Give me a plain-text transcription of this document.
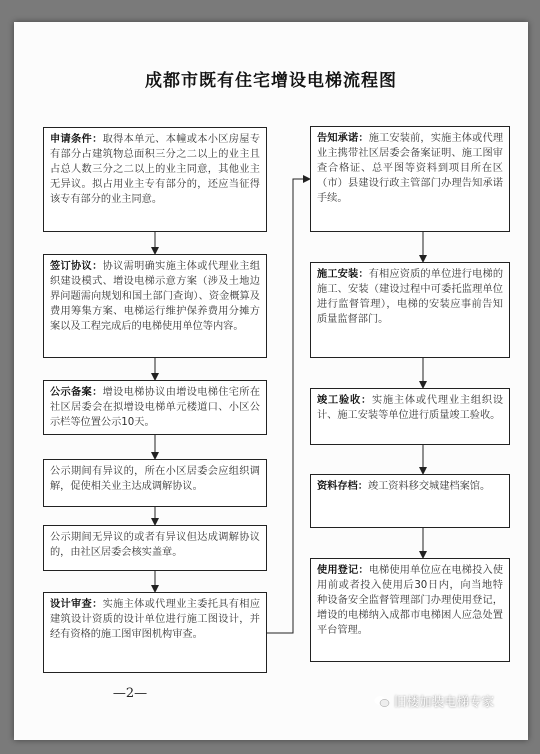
成都市既有住宅增设电梯流程图
申请条件：取得本单元、本幢或本小区房屋专有部分占建筑物总面积三分之二以上的业主且占总人数三分之二以上的业主同意，其他业主无异议。拟占用业主专有部分的，还应当征得该专有部分的业主同意。
签订协议：协议需明确实施主体或代理业主组织建设模式、增设电梯示意方案（涉及土地边界问题需向规划和国土部门查询）、资金概算及费用筹集方案、电梯运行维护保养费用分摊方案以及工程完成后的电梯使用单位等内容。
公示备案：增设电梯协议由增设电梯住宅所在社区居委会在拟增设电梯单元楼道口、小区公示栏等位置公示10天。
公示期间有异议的，所在小区居委会应组织调解，促使相关业主达成调解协议。
公示期间无异议的或者有异议但达成调解协议的，由社区居委会核实盖章。
设计审查：实施主体或代理业主委托具有相应建筑设计资质的设计单位进行施工图设计，并经有资格的施工图审图机构审查。
告知承诺：施工安装前，实施主体或代理业主携带社区居委会备案证明、施工图审查合格证、总平图等资料到项目所在区（市）县建设行政主管部门办理告知承诺手续。
施工安装：有相应资质的单位进行电梯的施工、安装（建设过程中可委托监理单位进行监督管理），电梯的安装应事前告知质量监督部门。
竣工验收：实施主体或代理业主组织设计、施工安装等单位进行质量竣工验收。
资料存档：竣工资料移交城建档案馆。
使用登记：电梯使用单位应在电梯投入使用前或者投入使用后30日内，向当地特种设备安全监督管理部门办理使用登记，增设的电梯纳入成都市电梯困人应急处置平台管理。
—2—
旧楼加装电梯专家
